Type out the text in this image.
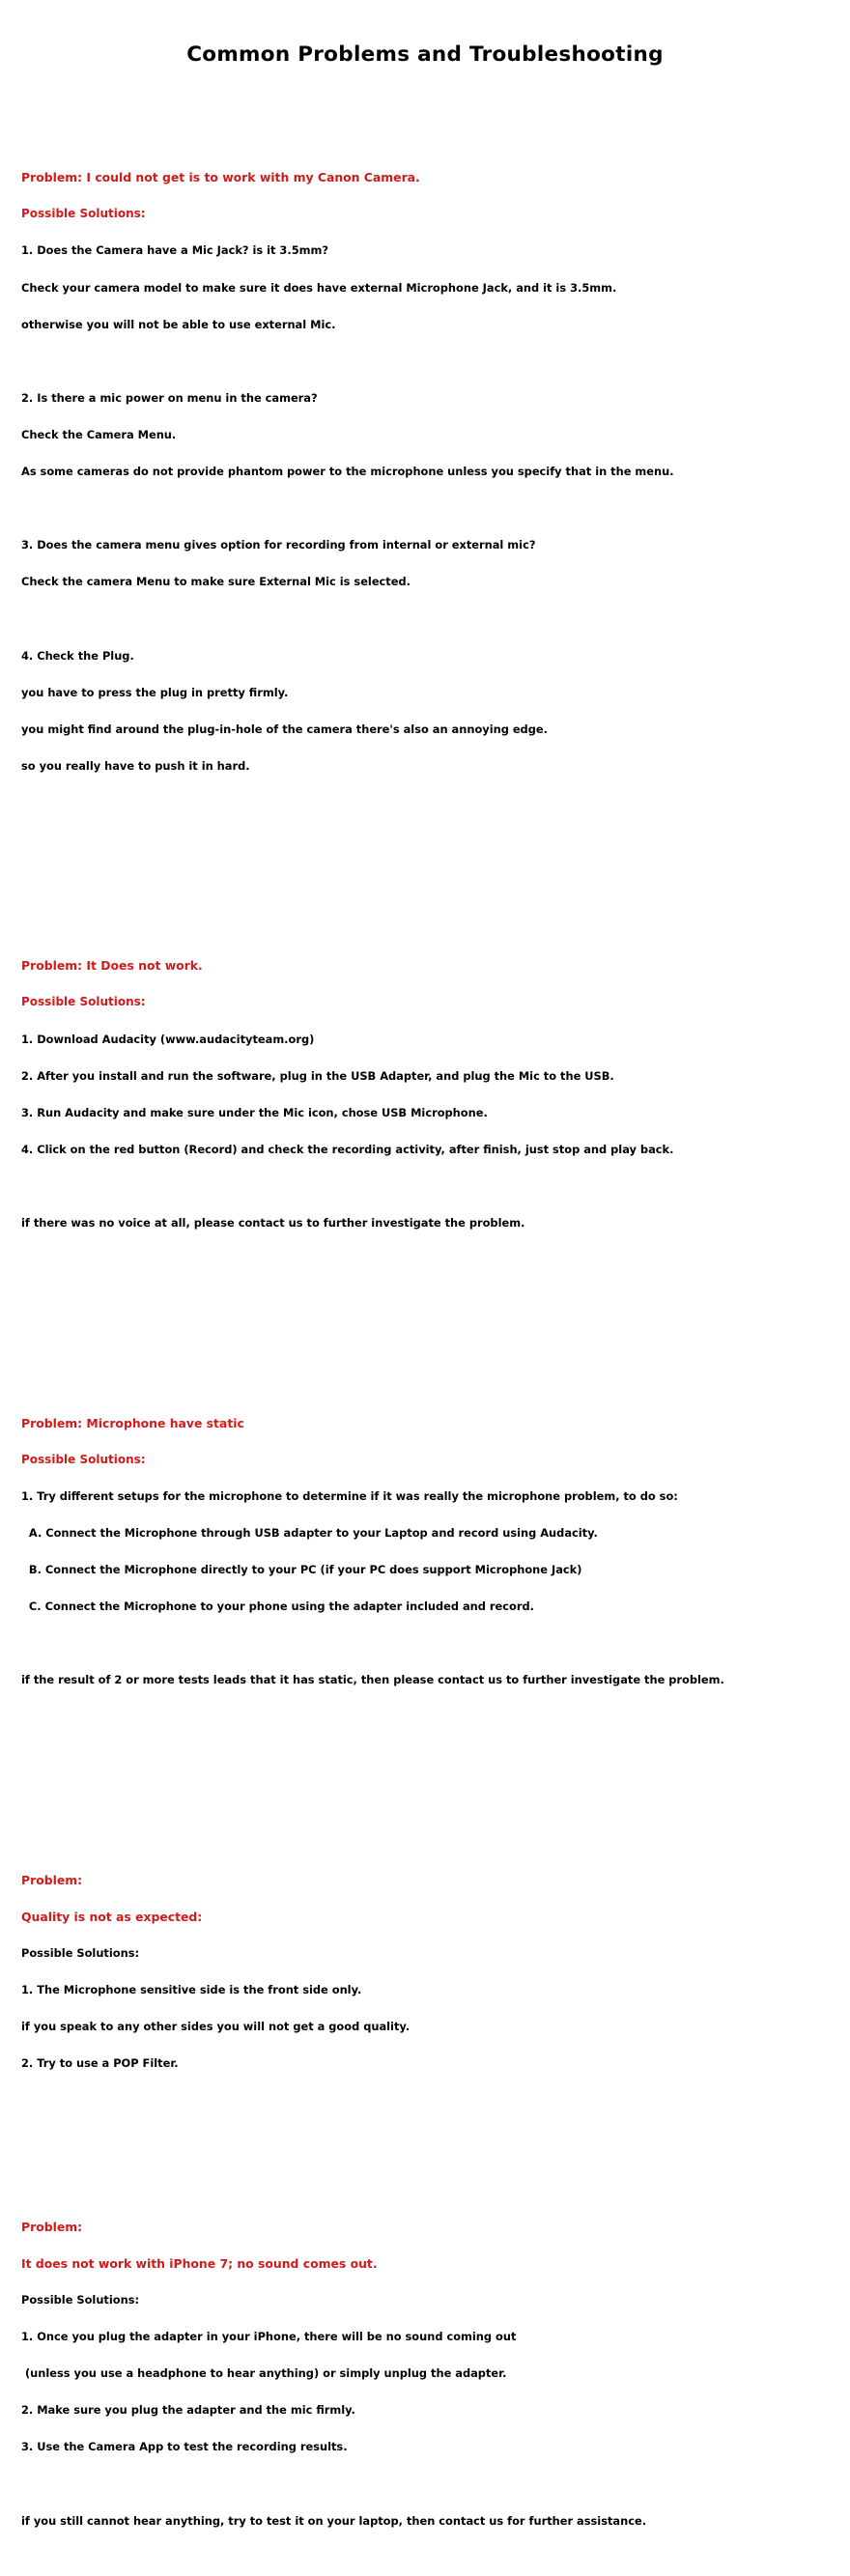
Common Problems and Troubleshooting

Problem: I could not get is to work with my Canon Camera.

Possible Solutions:

1. Does the Camera have a Mic Jack? is it 3.5mm?

Check your camera model to make sure it does have external Microphone Jack, and it is 3.5mm.

otherwise you will not be able to use external Mic.

2. Is there a mic power on menu in the camera?

Check the Camera Menu.

As some cameras do not provide phantom power to the microphone unless you specify that in the menu.

3. Does the camera menu gives option for recording from internal or external mic?

Check the camera Menu to make sure External Mic is selected.

4. Check the Plug.

you have to press the plug in pretty firmly.

you might find around the plug-in-hole of the camera there's also an annoying edge.

so you really have to push it in hard.

Problem: It Does not work.

Possible Solutions:

1. Download Audacity (www.audacityteam.org)

2. After you install and run the software, plug in the USB Adapter, and plug the Mic to the USB.

3. Run Audacity and make sure under the Mic icon, chose USB Microphone.

4. Click on the red button (Record) and check the recording activity, after finish, just stop and play back.

if there was no voice at all, please contact us to further investigate the problem.

Problem: Microphone have static

Possible Solutions:

1. Try different setups for the microphone to determine if it was really the microphone problem, to do so:

A. Connect the Microphone through USB adapter to your Laptop and record using Audacity.

B. Connect the Microphone directly to your PC (if your PC does support Microphone Jack)

C. Connect the Microphone to your phone using the adapter included and record.

if the result of 2 or more tests leads that it has static, then please contact us to further investigate the problem.

Problem:

Quality is not as expected:

Possible Solutions:

1. The Microphone sensitive side is the front side only.

if you speak to any other sides you will not get a good quality.

2. Try to use a POP Filter.

Problem:

It does not work with iPhone 7; no sound comes out.

Possible Solutions:

1. Once you plug the adapter in your iPhone, there will be no sound coming out

(unless you use a headphone to hear anything) or simply unplug the adapter.

2. Make sure you plug the adapter and the mic firmly.

3. Use the Camera App to test the recording results.

if you still cannot hear anything, try to test it on your laptop, then contact us for further assistance.
